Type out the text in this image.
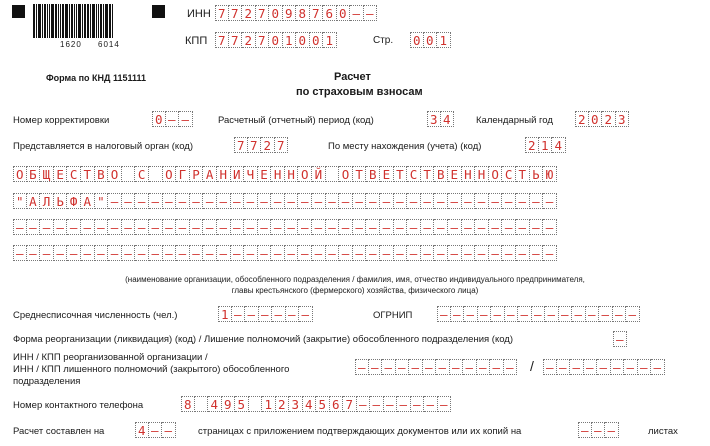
1620 6014
ИНН 7 7 2 7 0 9 8 7 6 0 – –
КПП 7 7 2 7 0 1 0 0 1	Стр. 0 0 1
Форма по КНД 1151111	Расчет
по страховым взносам
Номер корректировки	0 – –	Расчетный (отчетный) период (код)	3 4	Календарный год 2 0 2 3
Представляется в налоговый орган (код)	7 7 2 7	По месту нахождения (учета) (код)	2 1 4
О Б Щ Е С Т В О С О Г Р А Н И Ч Е Н Н О Й О Т В Е Т С Т В Е Н Н О С Т Ь Ю
" А Л Ь Ф А " – – – – – – – – – – – – – – – – – – – – – – – – – – – – – – – – –
– – – – – – – – – – – – – – – – – – – – – – – – – – – – – – – – – – – – – – – –
– – – – – – – – – – – – – – – – – – – – – – – – – – – – – – – – – – – – – – – –
(наименование организации, обособленного подразделения / фамилия, имя, отчество индивидуального предпринимателя,
главы крестьянского (фермерского) хозяйства, физического лица)
Среднесписочная численность (чел.)	1 – – – – – –	ОГРНИП – – – – – – – – – – – – – – –
Форма реорганизации (ликвидация) (код) / Лишение полномочий (закрытие) обособленного подразделения (код)	–
ИНН / КПП реорганизованной организации /
ИНН / КПП лишенного полномочий (закрытого) обособленного
подразделения
– – – – – – – – – – – – / – – – – – – – – –
Номер контактного телефона	8 4 9 5 1 2 3 4 5 6 7 – – – – – – –
Расчет составлен на	4 – –	страницах с приложением подтверждающих документов или их копий на	– – –	листах
